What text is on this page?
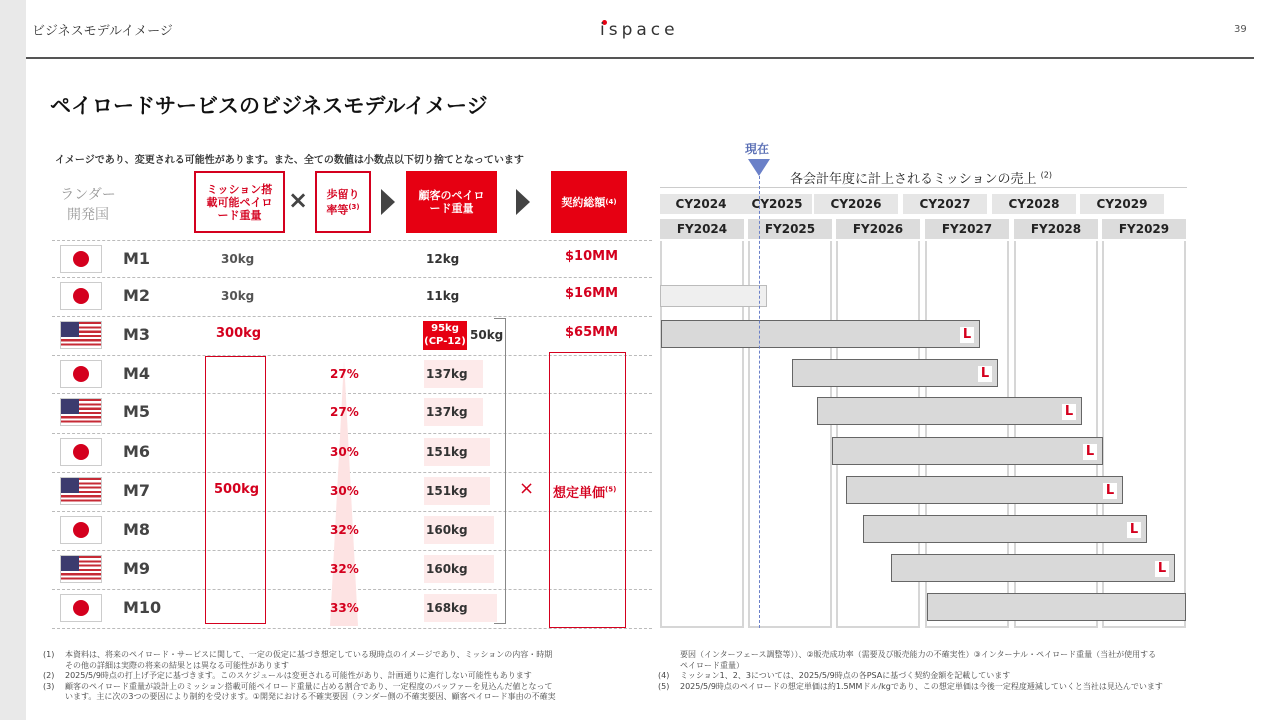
ビジネスモデルイメージ	ispace	39
ペイロードサービスのビジネスモデルイメージ
イメージであり、変更される可能性があります。また、全ての数値は小数点以下切り捨てとなっています
ランダー
開発国
ミッション搭載可能ペイロード重量
×	歩留り率等$^{(3)}$
顧客のペイロード重量	契約総額 (4)
500kg	× 想定単価$^{(5)}$
95kg
(CP-12)
M1	30kg	12kg	$10MM
M2	30kg	11kg	$16MM
M3	300kg	50kg	$65MM
M4	27%	137kg
M5	27%	137kg
M6	30%	151kg
M7	30%	151kg
M8	32%	160kg
M9	32%	160kg
M10	33%	168kg
各会計年度に計上されるミッションの売上 $^{(2)}$
CY2024	CY2025	CY2026	CY2027	CY2028	CY2029
FY2024	FY2025	FY2026	FY2027	FY2028	FY2029
L
L
L
L
L
L
L
現在
(1) 本資料は、将来のペイロード・サービスに関して、一定の仮定に基づき想定している現時点のイメージであり、ミッションの内容・時期
その他の詳細は実際の将来の結果とは異なる可能性があります
(2) 2025/5/9時点の打上げ予定に基づきます。このスケジュールは変更される可能性があり、計画通りに進行しない可能性もあります
(3) 顧客のペイロード重量が設計上のミッション搭載可能ペイロード重量に占める割合であり、一定程度のバッファーを見込んだ値となって
います。主に次の3つの要因により制約を受けます。①開発における不確実要因（ランダー側の不確実要因、顧客ペイロード事由の不確実
要因（インターフェース調整等））、②販売成功率（需要及び販売能力の不確実性）③インターナル・ペイロード重量（当社が使用する
ペイロード重量）
(4) ミッション1、2、3については、2025/5/9時点の各PSAに基づく契約金額を記載しています
(5) 2025/5/9時点のペイロードの想定単価は約1.5MMドル/kgであり、この想定単価は今後一定程度逓減していくと当社は見込んでいます
